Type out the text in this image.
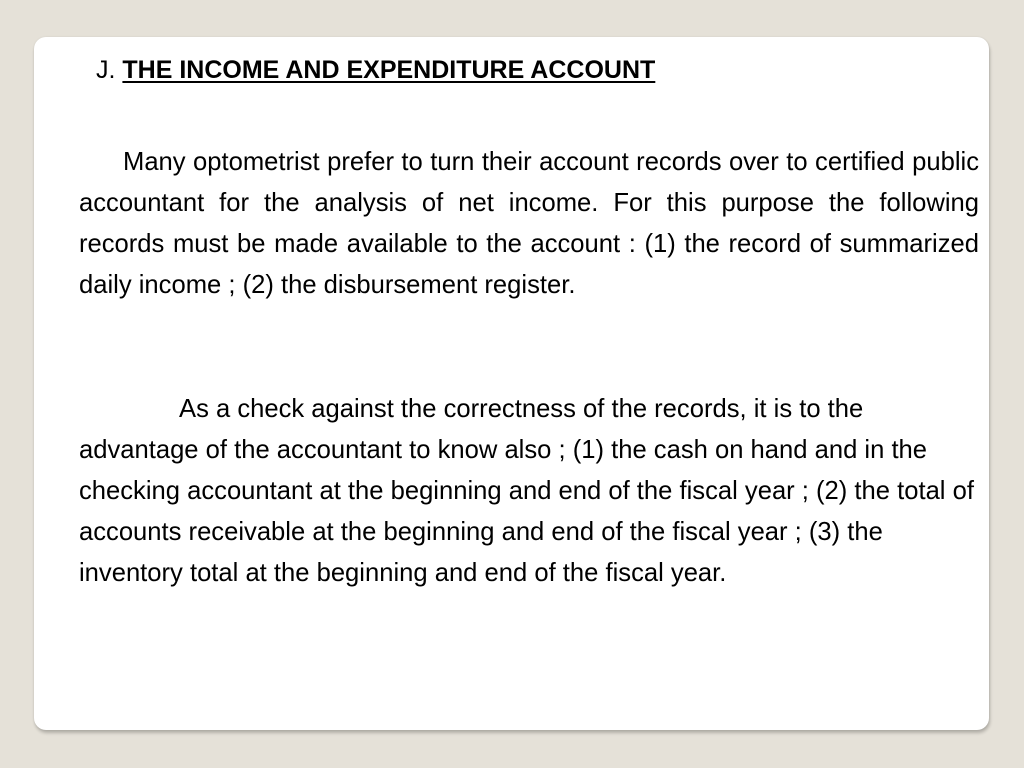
J. THE INCOME AND EXPENDITURE ACCOUNT

Many optometrist prefer to turn their account records over to certified public accountant for the analysis of net income. For this purpose the following records must be made available to the account : (1) the record of summarized daily income ; (2) the disbursement register.

As a check against the correctness of the records, it is to the advantage of the accountant to know also ; (1) the cash on hand and in the checking accountant at the beginning and end of the fiscal year ; (2) the total of accounts receivable at the beginning and end of the fiscal year ; (3) the inventory total at the beginning and end of the fiscal year.
